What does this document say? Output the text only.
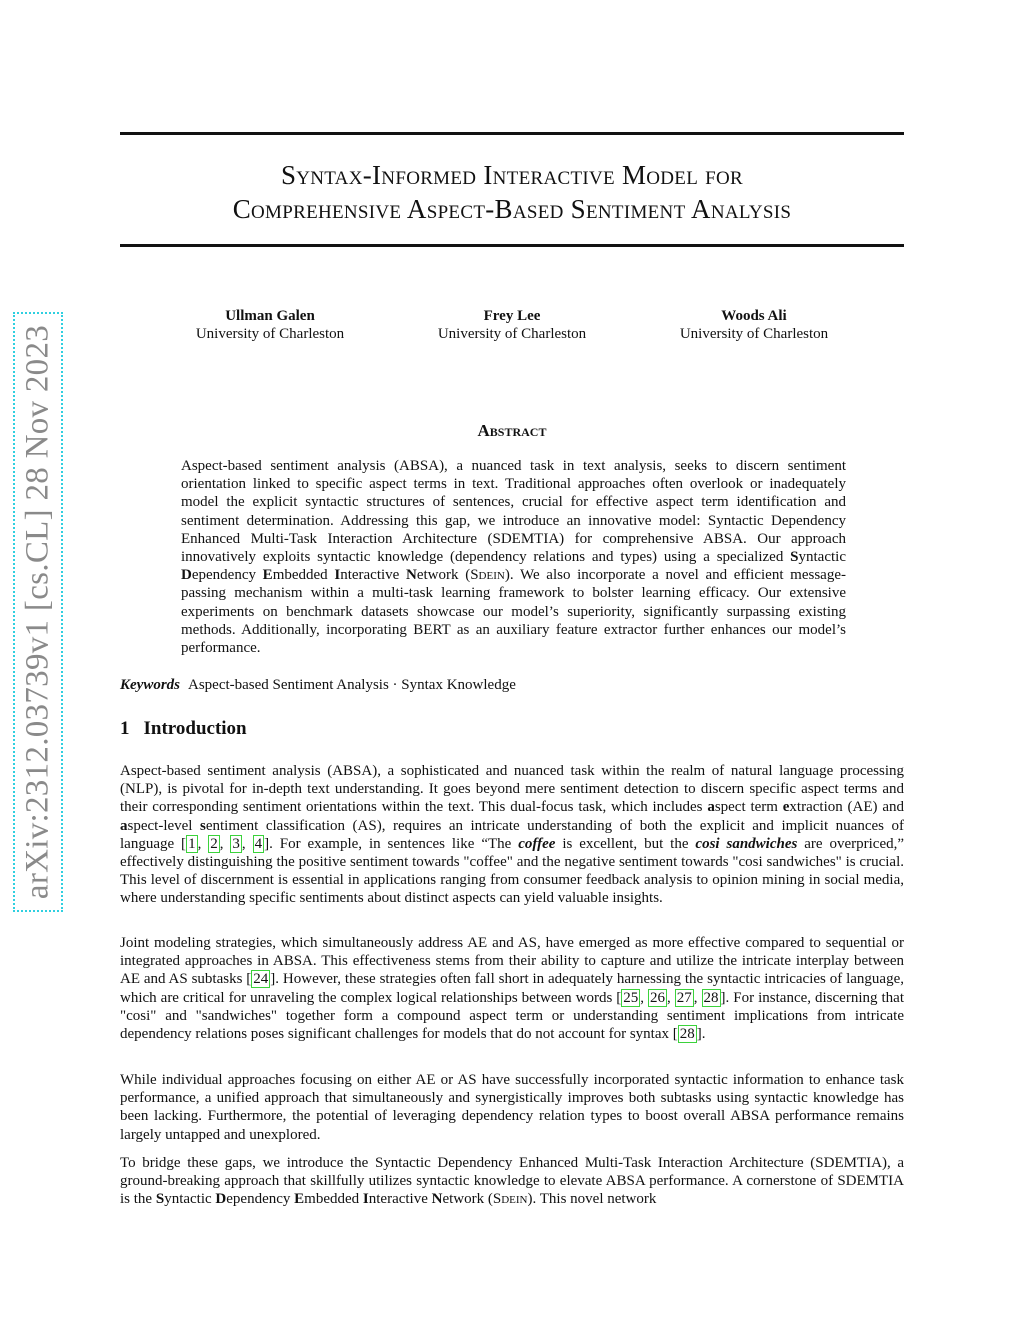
arXiv:2312.03739v1 [cs.CL] 28 Nov 2023
Syntax-Informed Interactive Model for
Comprehensive Aspect-Based Sentiment Analysis
Ullman Galen
University of Charleston
Frey Lee
University of Charleston
Woods Ali
University of Charleston
Abstract

Aspect-based sentiment analysis (ABSA), a nuanced task in text analysis, seeks to discern sentiment orientation linked to specific aspect terms in text. Traditional approaches often overlook or inadequately model the explicit syntactic structures of sentences, crucial for effective aspect term identification and sentiment determination. Addressing this gap, we introduce an innovative model: Syntactic Dependency Enhanced Multi-Task Interaction Architecture (SDEMTIA) for comprehensive ABSA. Our approach innovatively exploits syntactic knowledge (dependency relations and types) using a specialized Syntactic Dependency Embedded Interactive Network (Sdein). We also incorporate a novel and efficient message-passing mechanism within a multi-task learning framework to bolster learning efficacy. Our extensive experiments on benchmark datasets showcase our model’s superiority, significantly surpassing existing methods. Additionally, incorporating BERT as an auxiliary feature extractor further enhances our model’s performance.

Keywords Aspect-based Sentiment Analysis · Syntax Knowledge
1 Introduction

Aspect-based sentiment analysis (ABSA), a sophisticated and nuanced task within the realm of natural language processing (NLP), is pivotal for in-depth text understanding. It goes beyond mere sentiment detection to discern specific aspect terms and their corresponding sentiment orientations within the text. This dual-focus task, which includes aspect term extraction (AE) and aspect-level sentiment classification (AS), requires an intricate understanding of both the explicit and implicit nuances of language [ 1 , 2 , 3 , 4 ]. For example, in sentences like “The coffee is excellent, but the cosi sandwiches are overpriced,” effectively distinguishing the positive sentiment towards "coffee" and the negative sentiment towards "cosi sandwiches" is crucial. This level of discernment is essential in applications ranging from consumer feedback analysis to opinion mining in social media, where understanding specific sentiments about distinct aspects can yield valuable insights.

Joint modeling strategies, which simultaneously address AE and AS, have emerged as more effective compared to sequential or integrated approaches in ABSA. This effectiveness stems from their ability to capture and utilize the intricate interplay between AE and AS subtasks [ 24 ]. However, these strategies often fall short in adequately harnessing the syntactic intricacies of language, which are critical for unraveling the complex logical relationships between words [ 25 , 26 , 27 , 28 ]. For instance, discerning that "cosi" and "sandwiches" together form a compound aspect term or understanding sentiment implications from intricate dependency relations poses significant challenges for models that do not account for syntax [ 28 ].

While individual approaches focusing on either AE or AS have successfully incorporated syntactic information to enhance task performance, a unified approach that simultaneously and synergistically improves both subtasks using syntactic knowledge has been lacking. Furthermore, the potential of leveraging dependency relation types to boost overall ABSA performance remains largely untapped and unexplored.

To bridge these gaps, we introduce the Syntactic Dependency Enhanced Multi-Task Interaction Architecture (SDEMTIA), a ground-breaking approach that skillfully utilizes syntactic knowledge to elevate ABSA performance. A cornerstone of SDEMTIA is the Syntactic Dependency Embedded Interactive Network (Sdein). This novel network
